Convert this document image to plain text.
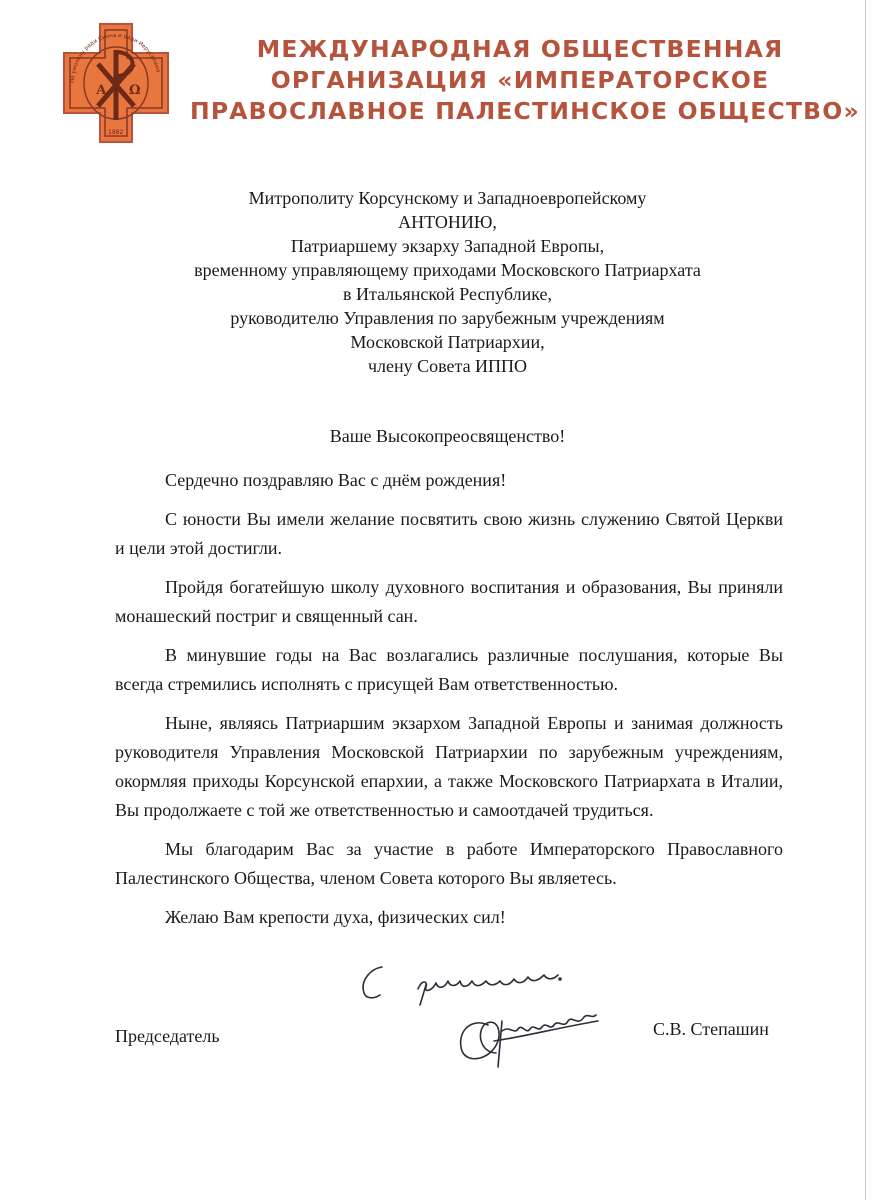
А Ω
1882
Не умолкну ради Сиона и ради Иерусалима
МЕЖДУНАРОДНАЯ ОБЩЕСТВЕННАЯ
ОРГАНИЗАЦИЯ «ИМПЕРАТОРСКОЕ
ПРАВОСЛАВНОЕ ПАЛЕСТИНСКОЕ ОБЩЕСТВО»
Митрополиту Корсунскому и Западноевропейскому
АНТОНИЮ,
Патриаршему экзарху Западной Европы,
временному управляющему приходами Московского Патриархата
в Итальянской Республике,
руководителю Управления по зарубежным учреждениям
Московской Патриархии,
члену Совета ИППО
Ваше Высокопреосвященство!

Сердечно поздравляю Вас с днём рождения!

С юности Вы имели желание посвятить свою жизнь служению Святой Церкви и цели этой достигли.

Пройдя богатейшую школу духовного воспитания и образования, Вы приняли монашеский постриг и священный сан.

В минувшие годы на Вас возлагались различные послушания, которые Вы всегда стремились исполнять с присущей Вам ответственностью.

Ныне, являясь Патриаршим экзархом Западной Европы и занимая должность руководителя Управления Московской Патриархии по зарубежным учреждениям, окормляя приходы Корсунской епархии, а также Московского Патриархата в Италии, Вы продолжаете с той же ответственностью и самоотдачей трудиться.

Мы благодарим Вас за участие в работе Императорского Православного Палестинского Общества, членом Совета которого Вы являетесь.

Желаю Вам крепости духа, физических сил!

Председатель	С.В. Степашин
